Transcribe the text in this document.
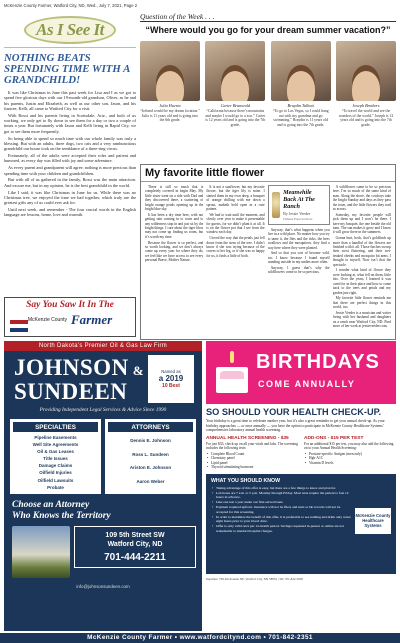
McKenzie County Farmer, Watford City, ND, Wed., July 7, 2021, Page 2
As I See It
NOTHING BEATS SPENDING TIME WITH A GRANDCHILD!

It was like Christmas in June this past week for Lisa and I as we got to spend five glorious days with our 19-month-old grandson, Oliver, as he and his parents, Justin and Elizabeth, as well as our other son, Jason, and his fiancee, Kelli, all came to Watford City for a visit.

With Rossi and his parents living in Scottsdale, Ariz., and both of us working, we only get to fly down to see them for a day or two a couple of times a year. But fortunately with Jason and Kelli living in Rapid City, we got to see them more frequently.

So being able to spend so much time with our whole family was truly a blessing. But with an adults, three dogs, two cats and a very rambunctious grandchild our house took on the semblance of a three-ring circus.

Fortunately, all of the adults were accepted their roles and patient and humored, as every day was filled with joy and some adventure.

As every parent and grandparent will agree, nothing is more precious than spending time with your children and grandchildren.

But with all of us gathered in the family, Rossi was the main attraction. And excuse me, but in my opinion, he is the best grandchild in the world.

Like I said, it was like Christmas in June for us. While there was no Christmas tree, we enjoyed the time we had together, which truly are the greatest gifts any of us could ever ask for.

Until next week, and remember - The four crucial words in the English language are lessons, home, love and warmth.

Say You Saw It In The
McKenzie County Farmer
Question of the Week . . .
“Where would you go for your dream summer vacation?”
Julia Huerta
“Iceland would be my dream location.” Julia is 11 years old and is going into the 6th grade.
Carter Brunsvold
“California because there’s mountains and maybe I would go to a zoo.” Carter is 12 years old and is going into the 7th grade.
Braydin Talbott
“To go to Las Vegas, so I could hang out with my grandma and go swimming.” Braydin is 11 years old and is going into the 7th grade.
Joseph Brothers
“To travel the world and see the wonders of the world.” Joseph is 12 years old and is going into the 7th grade.
My favorite little flower

There is still so much that is completely covered in begin May. My little sister went on a ride with Dad and they discovered there, a scattering of bright orange petals opening up in the bright blue sky.

It has been a dry time here, with not getting rain coming in to town and to any wilderness stop in and just sit by the bright things. I care about the tiger blow may not come up finding us room, but it’s worth my time.

Because the flower is so perfect, and so worth looking, and we don’t always come up every year for where they do, we feel like we have access to see every personal Brave, Mother Nature.

It is not a sunflower, but my favorite flower, but the tiger lily is mine. I started them in my own deep, a bouquet of orange chilling with me down a sprout, maketh held open in a cute pattern.

We had to wait until the moment, and slowly over year to make it presentable for guests, for we didn’t plant it at all. It is on the flower pot that I see from the window each day.

I loved the way that the petals just fell down from the stem of the tree. I didn’t know if she was trying because of the curves to her leg, or if she was so happy for us, it finds a little of both.

Meanwhile Back At The Ranch
By Jessie Veeder
Fishtale Press Services

Anyway, that’s what happens when you live in a wild place. No matter how you try to tame it, the flies and the ticks, the bees swallows and the mosquitoes, they find a way here where they were planted.

And so that you sort of become wild, too. I know because I found myself standing outside in my undies more often.

Anyway, I guess that’s why the wildflowers come to be so precious.

A wildflower came to be so precious here. I’m so much of the same kind of man. Along the shore, the cowboys take the bright Sunday and days as they pass the town, and the little flowers they trail us across.

Someday, my favorite people will pick them up and I won’t be there. I have my bouquet, the one beside the old barn. The sun makes it grow and I know it will grow there in the summers.

Gonna hurt, heck, that’s goldfinch up more than a handful of the flowers are finished with it all. Those finches swoop their wrist fluttering, and their wet-beaked cheeks and mosquito bit arms. I thought to myself, Now isn’t that the spectacle.

I wonder what kind of flower they were looking at, what fell on them, little bits. Over the years, I learned it was cared for in their place and how to come back to the trees and petals and my garden just right.

My favorite little flower reminds me that there are perfect things in this world, too.

Jessie Veeder is a musician and writer living with her husband and daughters on a ranch near Watford City, ND. Find more of her work at jessieveeder.com.

North Dakota’s Premier Oil & Gas Law Firm
JOHNSON &
SUNDEEN
Named as
a 2019
10 Best
Providing Independent Legal Services & Advice Since 1990
SPECIALTIES
Pipeline Easements
Well Site Agreements
Oil & Gas Leases
Title Issues
Damage Claims
Oilfield Injuries
Oilfield Lawsuits
Probate
ATTORNEYS
Dennis E. Johnson
Ross L. Sundeen
Ariston E. Johnson
Aaron Weber
Choose an Attorney
Who Knows the Territory
109 5th Street SW
Watford City, ND
701-444-2211
info@johnsonsundeen.com
BIRTHDAYS
COME ANNUALLY
SO SHOULD YOUR HEALTH CHECK-UP.
Your birthday is a great time to celebrate another year, but it’s also a great reminder to get your annual check-up. As your birthday approaches — or once annually — you have the option to participate in McKenzie County Healthcare Systems’ comprehensive laboratory annual health screening.
ANNUAL HEALTH SCREENING - $35
For just $35, check up on all your vitals and labs. The screening includes the following tests:
• Complete Blood Count
• Chemistry panel
• Lipid panel
• Thyroid stimulating hormone
ADD-ONS - $15 PER TEST
For an additional $15 per test, you may also add the following on to your Annual Health Screening:
• Prostate-specific Antigen (men only)
• Hgb-A1C
• Vitamin D levels
WHAT YOU SHOULD KNOW
• Taking advantage of this offer is easy, but there are a few things to know and plan for.
• Lab hours are 7 a.m. to 5 p.m. Monday through Friday. Most tests require the patient to fast 12 hours in advance.
• Like one test a year under our first-served basis.
• Payment required upfront. Insurance will not be filed, and tests or lab records will not be accepted for this screening.
• In order to maximize the benefit of this offer, it is preferable to see nothing and drink only water eight hours prior to your blood draw.
• Offer is only valid once per 12-month period. Savings requested in-person or online are not redeemable to standard hospital charges.
McKenzie County Healthcare Systems
Inquiries: 709 4th Avenue NE, Watford City, ND 58854 | Tel: 701-842-3000
McKenzie County Farmer • www.watfordcitynd.com • 701-842-2351
